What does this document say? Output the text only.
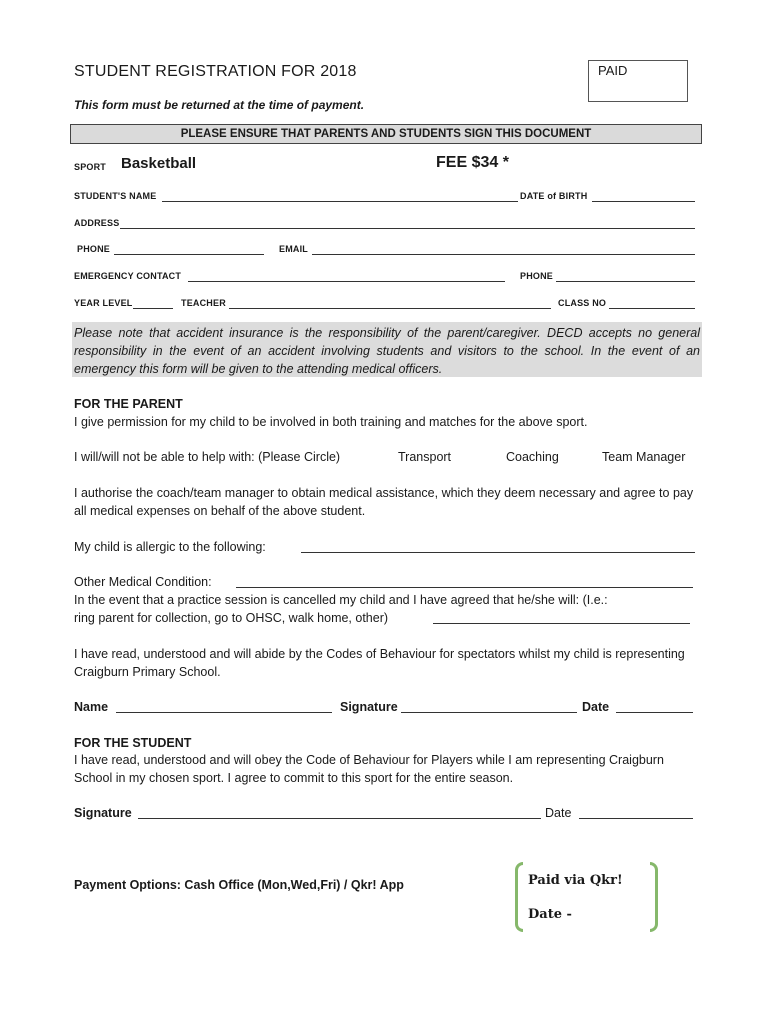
STUDENT REGISTRATION FOR 2018	PAID
This form must be returned at the time of payment.
PLEASE ENSURE THAT PARENTS AND STUDENTS SIGN THIS DOCUMENT
SPORT Basketball	FEE $34 *
STUDENT'S NAME	DATE of BIRTH
ADDRESS
PHONE	EMAIL
EMERGENCY CONTACT	PHONE
YEAR LEVEL	TEACHER	CLASS NO
Please note that accident insurance is the responsibility of the parent/caregiver. DECD accepts no general responsibility in the event of an accident involving students and visitors to the school. In the event of an emergency this form will be given to the attending medical officers.
FOR THE PARENT
I give permission for my child to be involved in both training and matches for the above sport.
I will/will not be able to help with: (Please Circle)	Transport	Coaching	Team Manager
I authorise the coach/team manager to obtain medical assistance, which they deem necessary and agree to pay all medical expenses on behalf of the above student.
My child is allergic to the following:
Other Medical Condition:
In the event that a practice session is cancelled my child and I have agreed that he/she will: (I.e.:
ring parent for collection, go to OHSC, walk home, other)
I have read, understood and will abide by the Codes of Behaviour for spectators whilst my child is representing Craigburn Primary School.
Name	Signature	Date
FOR THE STUDENT
I have read, understood and will obey the Code of Behaviour for Players while I am representing Craigburn School in my chosen sport. I agree to commit to this sport for the entire season.
Signature	Date
Payment Options: Cash Office (Mon,Wed,Fri) / Qkr! App	Paid via Qkr!
Date -
